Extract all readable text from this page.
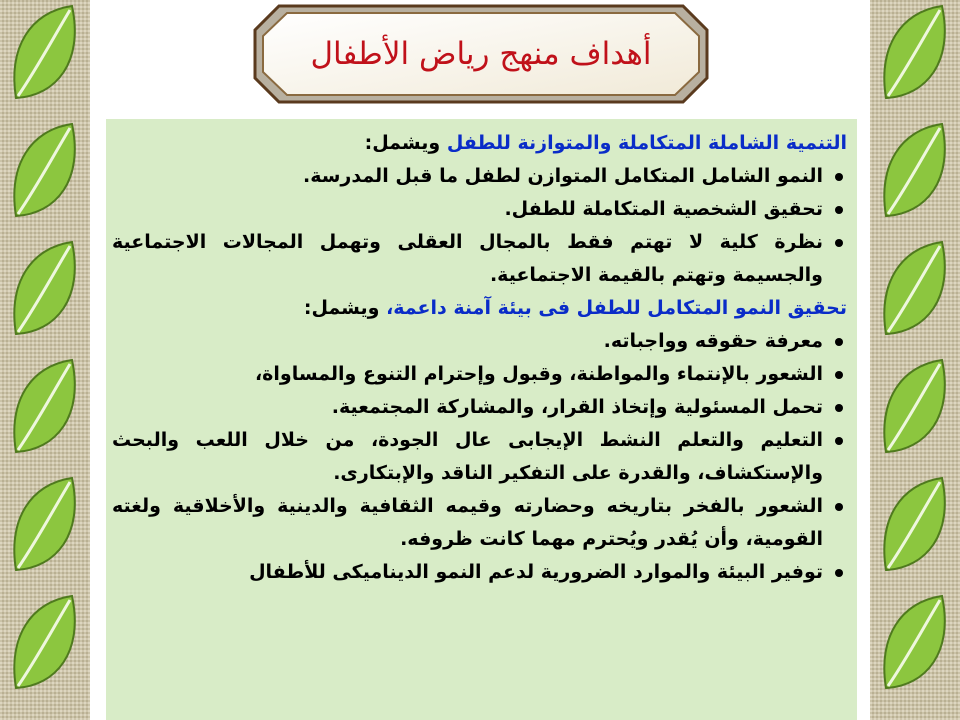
أهداف منهج رياض الأطفال
التنمية الشاملة المتكاملة والمتوازنة للطفل ويشمل:
النمو الشامل المتكامل المتوازن لطفل ما قبل المدرسة.
تحقيق الشخصية المتكاملة للطفل.
نظرة كلية لا تهتم فقط بالمجال العقلى وتهمل المجالات الاجتماعية والجسيمة وتهتم بالقيمة الاجتماعية.
تحقيق النمو المتكامل للطفل فى بيئة آمنة داعمة، ويشمل:
معرفة حقوقه وواجباته.
الشعور بالإنتماء والمواطنة، وقبول وإحترام التنوع والمساواة،
تحمل المسئولية وإتخاذ القرار، والمشاركة المجتمعية.
التعليم والتعلم النشط الإيجابى عال الجودة، من خلال اللعب والبحث والإستكشاف، والقدرة على التفكير الناقد والإبتكارى.
الشعور بالفخر بتاريخه وحضارته وقيمه الثقافية والدينية والأخلاقية ولغته القومية، وأن يُقدر ويُحترم مهما كانت ظروفه.
توفير البيئة والموارد الضرورية لدعم النمو الديناميكى للأطفال
